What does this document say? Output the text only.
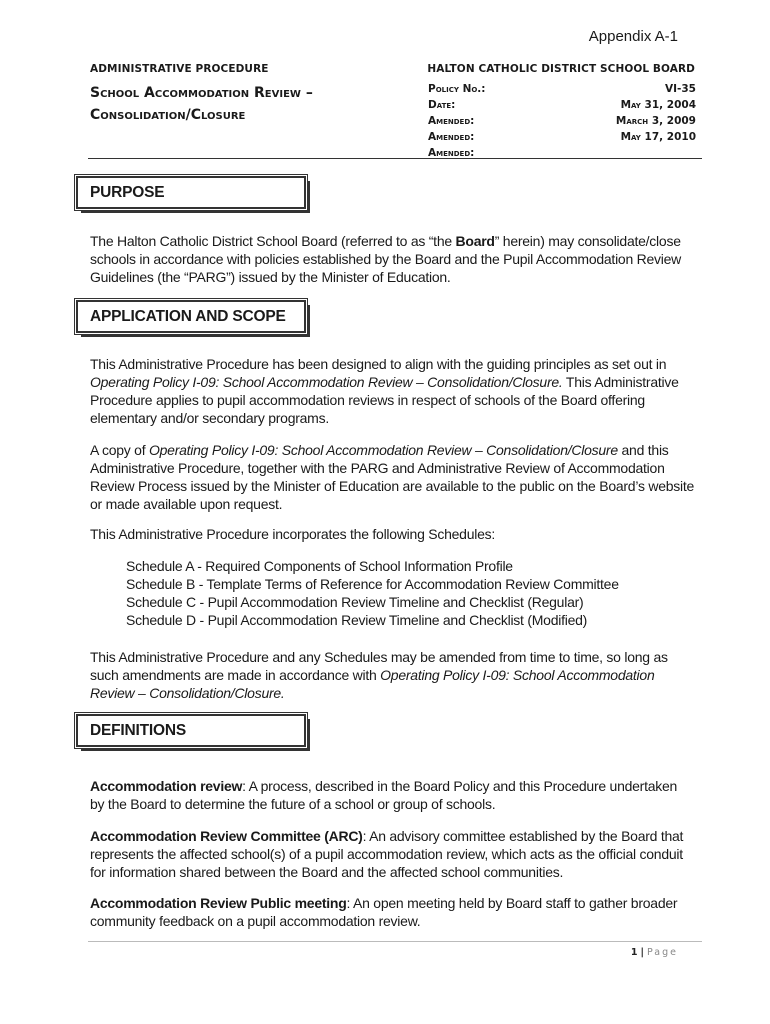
Appendix A-1
ADMINISTRATIVE PROCEDURE	HALTON CATHOLIC DISTRICT SCHOOL BOARD
School Accommodation Review –
Consolidation/Closure
Policy No.:	VI-35
Date:	May 31, 2004
Amended:	March 3, 2009
Amended:	May 17, 2010
Amended:
PURPOSE
The Halton Catholic District School Board (referred to as “the Board” herein) may consolidate/close schools in accordance with policies established by the Board and the Pupil Accommodation Review Guidelines (the “PARG”) issued by the Minister of Education.
APPLICATION AND SCOPE
This Administrative Procedure has been designed to align with the guiding principles as set out in Operating Policy I-09: School Accommodation Review – Consolidation/Closure. This Administrative Procedure applies to pupil accommodation reviews in respect of schools of the Board offering elementary and/or secondary programs.
A copy of Operating Policy I-09: School Accommodation Review – Consolidation/Closure and this Administrative Procedure, together with the PARG and Administrative Review of Accommodation Review Process issued by the Minister of Education are available to the public on the Board’s website or made available upon request.
This Administrative Procedure incorporates the following Schedules:
Schedule A - Required Components of School Information Profile
Schedule B - Template Terms of Reference for Accommodation Review Committee
Schedule C - Pupil Accommodation Review Timeline and Checklist (Regular)
Schedule D - Pupil Accommodation Review Timeline and Checklist (Modified)
This Administrative Procedure and any Schedules may be amended from time to time, so long as such amendments are made in accordance with Operating Policy I-09: School Accommodation Review – Consolidation/Closure.
DEFINITIONS
Accommodation review: A process, described in the Board Policy and this Procedure undertaken by the Board to determine the future of a school or group of schools.
Accommodation Review Committee (ARC): An advisory committee established by the Board that represents the affected school(s) of a pupil accommodation review, which acts as the official conduit for information shared between the Board and the affected school communities.
Accommodation Review Public meeting: An open meeting held by Board staff to gather broader community feedback on a pupil accommodation review.
1 | Page
